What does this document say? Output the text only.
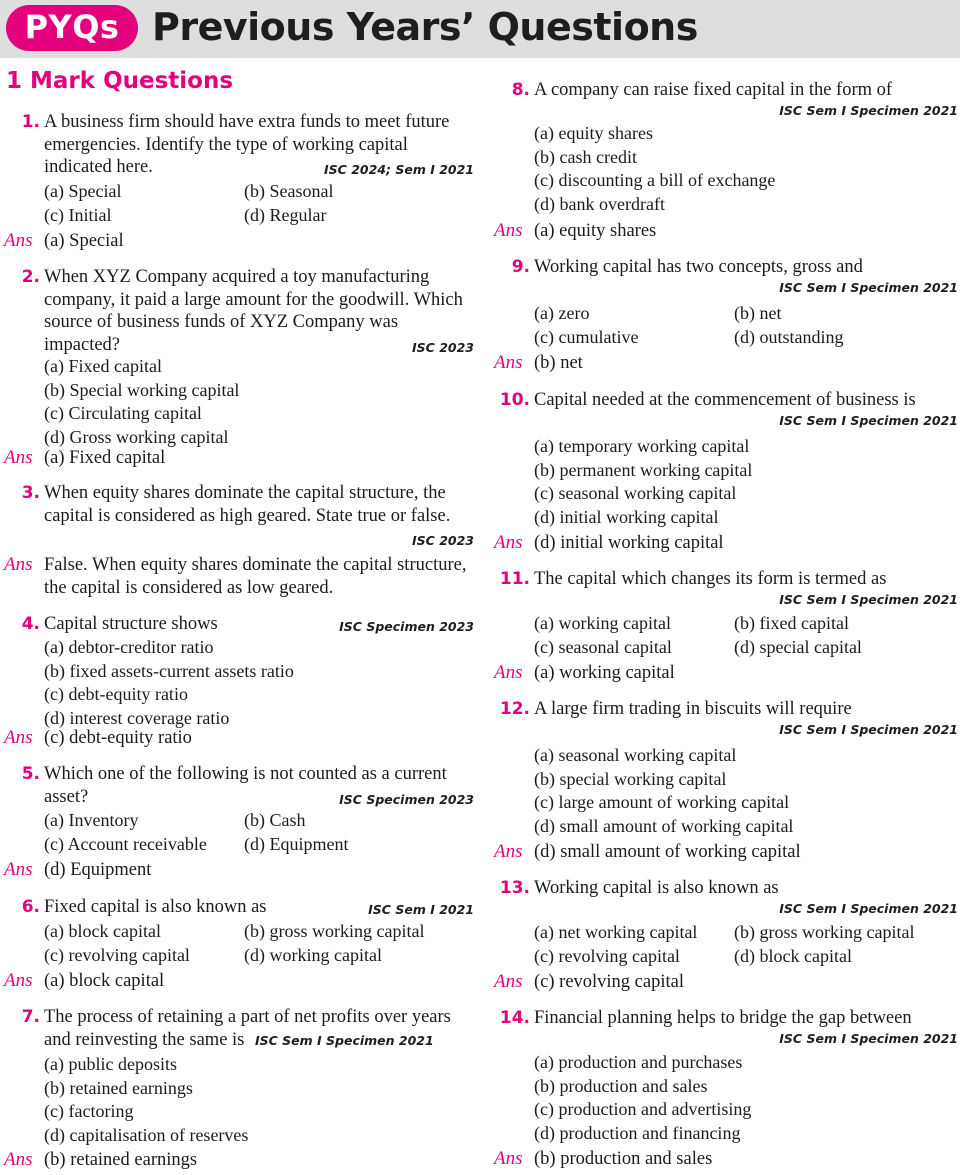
PYQs Previous Years’ Questions
1 Mark Questions
1. A business firm should have extra funds to meet future emergencies. Identify the type of working capital indicated here.	ISC 2024; Sem I 2021
(a) Special	(b) Seasonal
(c) Initial	(d) Regular
Ans (a) Special
2. When XYZ Company acquired a toy manufacturing company, it paid a large amount for the goodwill. Which source of business funds of XYZ Company was impacted?	ISC 2023
(a) Fixed capital
(b) Special working capital
(c) Circulating capital
(d) Gross working capital
Ans (a) Fixed capital
3. When equity shares dominate the capital structure, the capital is considered as high geared. State true or false.
ISC 2023
Ans False. When equity shares dominate the capital structure, the capital is considered as low geared.
4. Capital structure shows	ISC Specimen 2023
(a) debtor-creditor ratio
(b) fixed assets-current assets ratio
(c) debt-equity ratio
(d) interest coverage ratio
Ans (c) debt-equity ratio
5. Which one of the following is not counted as a current asset?	ISC Specimen 2023
(a) Inventory	(b) Cash
(c) Account receivable	(d) Equipment
Ans (d) Equipment
6. Fixed capital is also known as	ISC Sem I 2021
(a) block capital	(b) gross working capital
(c) revolving capital	(d) working capital
Ans (a) block capital
7. The process of retaining a part of net profits over years and reinvesting the same is ISC Sem I Specimen 2021
(a) public deposits
(b) retained earnings
(c) factoring
(d) capitalisation of reserves
Ans (b) retained earnings
8. A company can raise fixed capital in the form of
ISC Sem I Specimen 2021
(a) equity shares
(b) cash credit
(c) discounting a bill of exchange
(d) bank overdraft
Ans (a) equity shares
9. Working capital has two concepts, gross and
ISC Sem I Specimen 2021
(a) zero	(b) net
(c) cumulative	(d) outstanding
Ans (b) net
10. Capital needed at the commencement of business is
ISC Sem I Specimen 2021
(a) temporary working capital
(b) permanent working capital
(c) seasonal working capital
(d) initial working capital
Ans (d) initial working capital
11. The capital which changes its form is termed as
ISC Sem I Specimen 2021
(a) working capital	(b) fixed capital
(c) seasonal capital	(d) special capital
Ans (a) working capital
12. A large firm trading in biscuits will require
ISC Sem I Specimen 2021
(a) seasonal working capital
(b) special working capital
(c) large amount of working capital
(d) small amount of working capital
Ans (d) small amount of working capital
13. Working capital is also known as
ISC Sem I Specimen 2021
(a) net working capital	(b) gross working capital
(c) revolving capital	(d) block capital
Ans (c) revolving capital
14. Financial planning helps to bridge the gap between
ISC Sem I Specimen 2021
(a) production and purchases
(b) production and sales
(c) production and advertising
(d) production and financing
Ans (b) production and sales
